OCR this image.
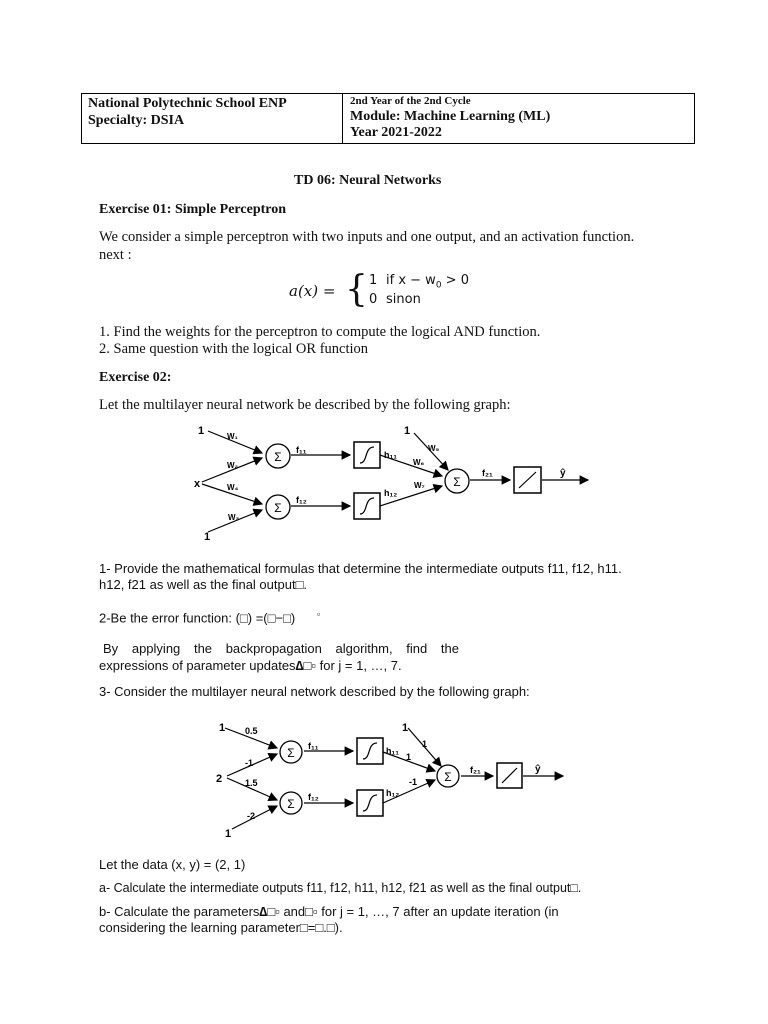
National Polytechnic School ENP
Specialty: DSIA
2nd Year of the 2nd Cycle
Module: Machine Learning (ML)
Year 2021-2022
TD 06: Neural Networks
Exercise 01: Simple Perceptron
We consider a simple perceptron with two inputs and one output, and an activation function.
next :
a(x) = { 1 if $x - w_0 > 0$
0 sinon
1. Find the weights for the perceptron to compute the logical AND function.
2. Same question with the logical OR function
Exercise 02:
Let the multilayer neural network be described by the following graph:
Σ
Σ
Σ
1
x
1
1
W₁
W₂
W₄
W₃
W₅
W₆
W₇
f₁₁
f₁₂
h₁₁
h₁₂
f₂₁	ŷ
1- Provide the mathematical formulas that determine the intermediate outputs f11, f12, h11.
h12, f21 as well as the final output□.
2-Be the error function: (□) =(□−□) ▫
By applying the backpropagation algorithm, find the
expressions of parameter updates∆□▫ for j = 1, …, 7.
3- Consider the multilayer neural network described by the following graph:
Σ
Σ
Σ
1
2
1
1
0.5
-1
1.5
-2
1
1
-1
f₁₁
f₁₂
h₁₁
h₁₂
f₂₁	ŷ
Let the data (x, y) = (2, 1)
a- Calculate the intermediate outputs f11, f12, h11, h12, f21 as well as the final output□.
b- Calculate the parameters∆□▫ and□▫ for j = 1, …, 7 after an update iteration (in
considering the learning parameter□=□.□).
